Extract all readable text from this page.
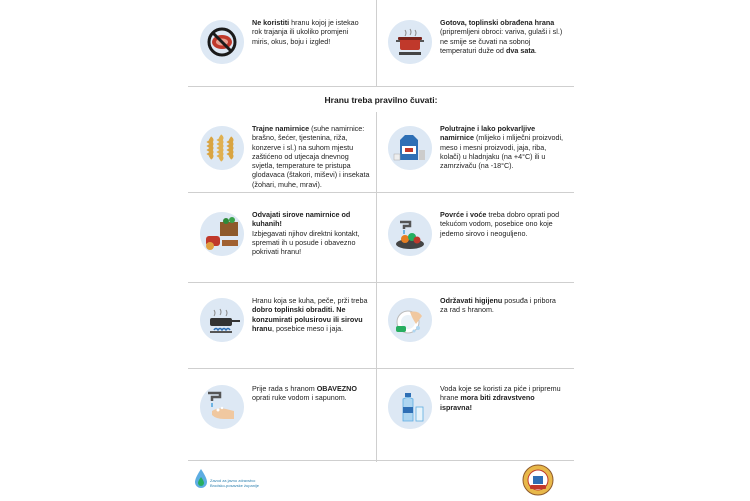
Hranu treba pravilno čuvati:
Ne koristiti hranu kojoj je istekao rok trajanja ili ukoliko promjeni miris, okus, boju i izgled!
Gotova, toplinski obrađena hrana (pripremljeni obroci: variva, gulaši i sl.) ne smije se čuvati na sobnoj temperaturi duže od dva sata.
Trajne namirnice (suhe namirnice: brašno, šećer, tjestenina, riža, konzerve i sl.) na suhom mjestu zaštićeno od utjecaja dnevnog svjetla, temperature te pristupa glodavaca (štakori, miševi) i insekata (žohari, muhe, mravi).
Polutrajne i lako pokvarljive namirnice (mlijeko i mliječni proizvodi, meso i mesni proizvodi, jaja, riba, kolači) u hladnjaku (na +4°C) ili u zamrzivaču (na -18°C).
Odvajati sirove namirnice od kuhanih!
Izbjegavati njihov direktni kontakt, spremati ih u posude i obavezno pokrivati hranu!
Povrće i voće treba dobro oprati pod tekućom vodom, posebice ono koje jedemo sirovo i neoguljeno.
Hranu koja se kuha, peče, prži treba dobro toplinski obraditi. Ne konzumirati polusirovu ili sirovu hranu, posebice meso i jaja.
Održavati higijenu posuđa i pribora za rad s hranom.
Prije rada s hranom OBAVEZNO oprati ruke vodom i sapunom.
Voda koje se koristi za piće i pripremu hrane mora biti zdravstveno ispravna!
Zavod za javno zdravstvo
Brodsko-posavske županije
